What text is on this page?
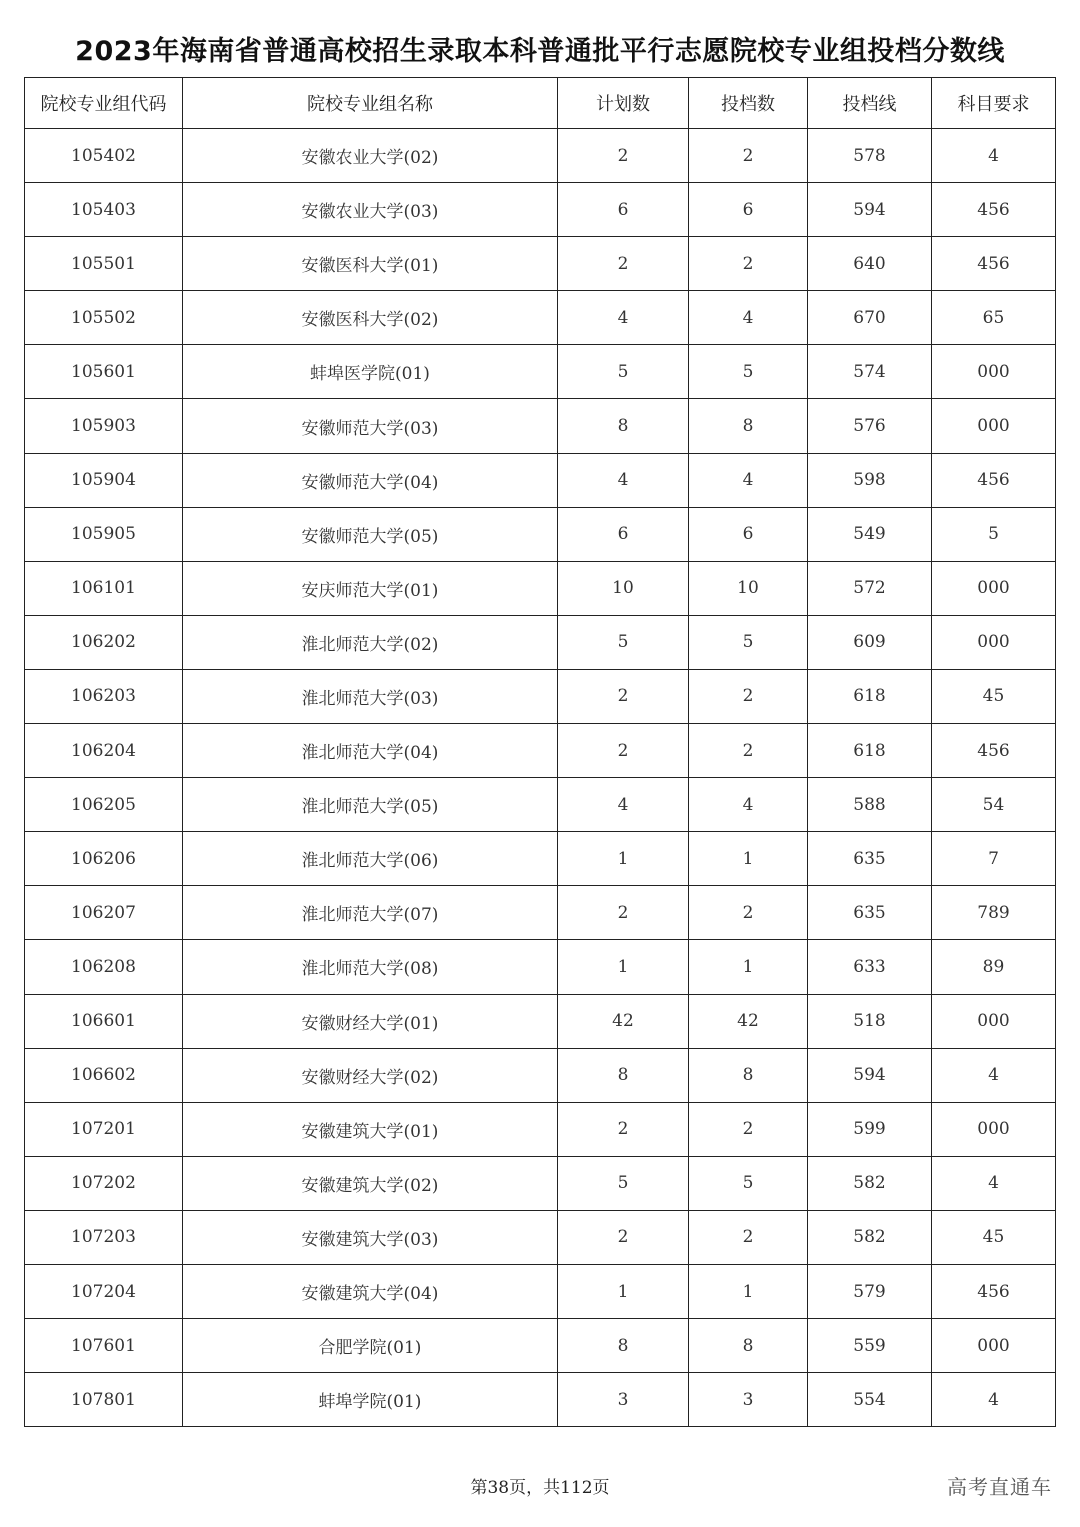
2023年海南省普通高校招生录取本科普通批平行志愿院校专业组投档分数线
院校专业组代码	院校专业组名称	计划数	投档数	投档线	科目要求
105402	安徽农业大学(02)	2	2	578	4
105403	安徽农业大学(03)	6	6	594	456
105501	安徽医科大学(01)	2	2	640	456
105502	安徽医科大学(02)	4	4	670	65
105601	蚌埠医学院(01)	5	5	574	000
105903	安徽师范大学(03)	8	8	576	000
105904	安徽师范大学(04)	4	4	598	456
105905	安徽师范大学(05)	6	6	549	5
106101	安庆师范大学(01)	10	10	572	000
106202	淮北师范大学(02)	5	5	609	000
106203	淮北师范大学(03)	2	2	618	45
106204	淮北师范大学(04)	2	2	618	456
106205	淮北师范大学(05)	4	4	588	54
106206	淮北师范大学(06)	1	1	635	7
106207	淮北师范大学(07)	2	2	635	789
106208	淮北师范大学(08)	1	1	633	89
106601	安徽财经大学(01)	42	42	518	000
106602	安徽财经大学(02)	8	8	594	4
107201	安徽建筑大学(01)	2	2	599	000
107202	安徽建筑大学(02)	5	5	582	4
107203	安徽建筑大学(03)	2	2	582	45
107204	安徽建筑大学(04)	1	1	579	456
107601	合肥学院(01)	8	8	559	000
107801	蚌埠学院(01)	3	3	554	4
第38页，共112页	高考直通车
